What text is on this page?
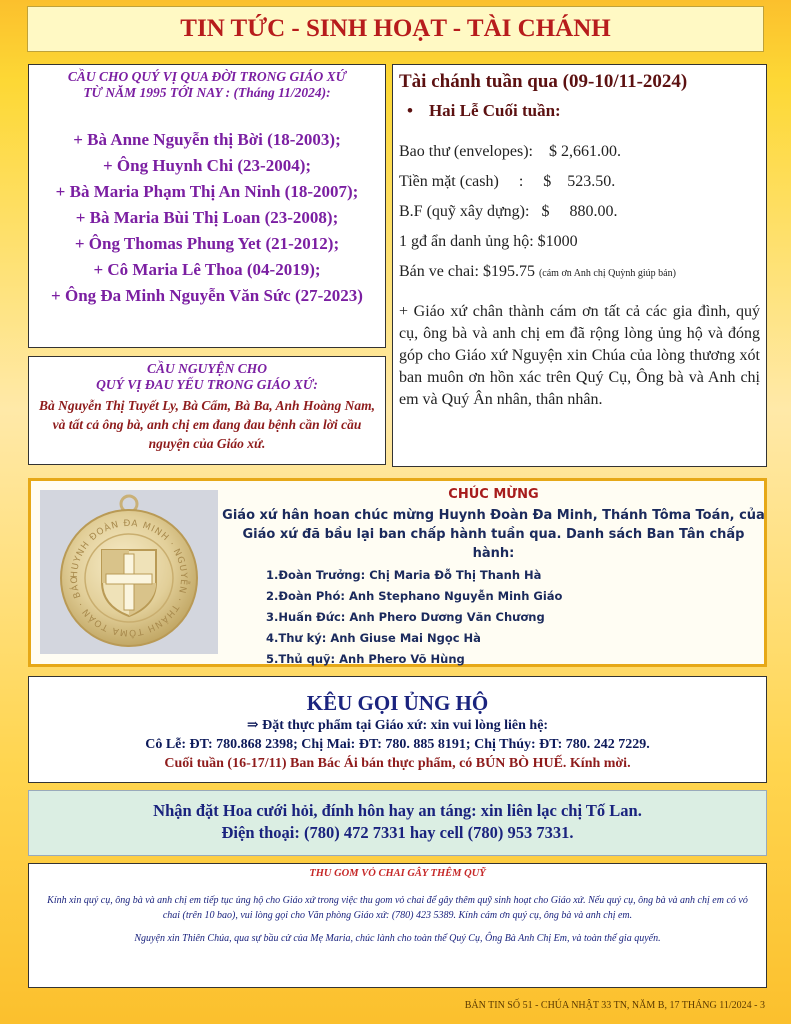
TIN TỨC - SINH HOẠT - TÀI CHÁNH
CẦU CHO QUÝ VỊ QUA ĐỜI TRONG GIÁO XỨ
TỪ NĂM 1995 TỚI NAY : (Tháng 11/2024):
+ Bà Anne Nguyễn thị Bời (18-2003);
+ Ông Huynh Chi (23-2004);
+ Bà Maria Phạm Thị An Ninh (18-2007);
+ Bà Maria Bùi Thị Loan (23-2008);
+ Ông Thomas Phung Yet (21-2012);
+ Cô Maria Lê Thoa (04-2019);
+ Ông Đa Minh Nguyễn Văn Sức (27-2023)
CẦU NGUYỆN CHO
QUÝ VỊ ĐAU YẾU TRONG GIÁO XỨ:
Bà Nguyễn Thị Tuyết Ly, Bà Cẩm, Bà Ba, Anh Hoàng Nam, và tất cả ông bà, anh chị em đang đau bệnh cần lời cầu nguyện của Giáo xứ.
Tài chánh tuần qua (09-10/11-2024)
• Hai Lễ Cuối tuần:
Bao thư (envelopes):    $ 2,661.00.
Tiền mặt (cash)     :     $    523.50.
B.F (quỹ xây dựng):   $     880.00.
1 gđ ẩn danh ủng hộ: $1000
Bán ve chai: $195.75 (cám ơn Anh chị Quỳnh giúp bán)
+ Giáo xứ chân thành cám ơn tất cả các gia đình, quý cụ, ông bà và anh chị em đã rộng lòng ủng hộ và đóng góp cho Giáo xứ Nguyện xin Chúa của lòng thương xót ban muôn ơn hồn xác trên Quý Cụ, Ông bà và Anh chị em và Quý Ân nhân, thân nhân.
HUYNH ĐOÀN ĐA MINH · NGUYỄN · THÁNH TÔMA TOÁN · BÁO
CHÚC MỪNG
Giáo xứ hân hoan chúc mừng Huynh Đoàn Đa Minh, Thánh Tôma Toán, của Giáo xứ đã bầu lại ban chấp hành tuần qua. Danh sách Ban Tân chấp hành:
1.Đoàn Trưởng: Chị Maria Đỗ Thị Thanh Hà
2.Đoàn Phó: Anh Stephano Nguyễn Minh Giáo
3.Huấn Đức: Anh Phero Dương Văn Chương
4.Thư ký: Anh Giuse Mai Ngọc Hà
5.Thủ quỹ: Anh Phero Võ Hùng
KÊU GỌI ỦNG HỘ
⇒ Đặt thực phẩm tại Giáo xứ: xin vui lòng liên hệ:
Cô Lễ: ĐT: 780.868 2398; Chị Mai: ĐT: 780. 885 8191; Chị Thúy: ĐT: 780. 242 7229.
Cuối tuần (16-17/11) Ban Bác Ái bán thực phẩm, có BÚN BÒ HUẾ. Kính mời.
Nhận đặt Hoa cưới hỏi, đính hôn hay an táng: xin liên lạc chị Tố Lan.
Điện thoại: (780) 472 7331 hay cell (780) 953 7331.
THU GOM VỎ CHAI GÂY THÊM QUỸ
Kính xin quý cụ, ông bà và anh chị em tiếp tục ủng hộ cho Giáo xứ trong việc thu gom vỏ chai để gây thêm quỹ sinh hoạt cho Giáo xứ. Nếu quý cụ, ông bà và anh chị em có vỏ chai (trên 10 bao), vui lòng gọi cho Văn phòng Giáo xứ: (780) 423 5389. Kính cám ơn quý cụ, ông bà và anh chị em.
Nguyện xin Thiên Chúa, qua sự bầu cử của Mẹ Maria, chúc lành cho toàn thể Quý Cụ, Ông Bà Anh Chị Em, và toàn thể gia quyến.
BẢN TIN SỐ 51 - CHÚA NHẬT 33 TN, NĂM B, 17 THÁNG 11/2024 - 3
